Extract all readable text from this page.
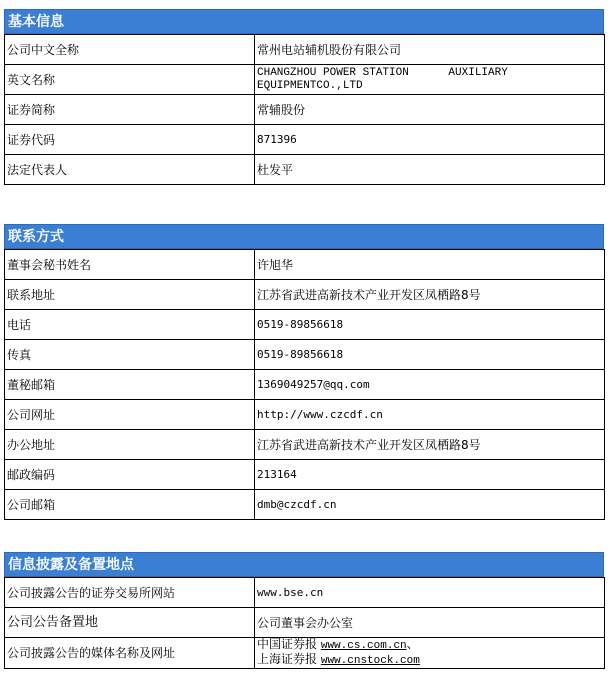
基本信息
公司中文全称	常州电站辅机股份有限公司
英文名称	CHANGZHOU POWER STATION      AUXILIARY
EQUIPMENTCO.,LTD

证券简称	常辅股份
证券代码	871396
法定代表人	杜发平
联系方式
董事会秘书姓名	许旭华
联系地址	江苏省武进高新技术产业开发区凤栖路8号
电话	0519-89856618
传真	0519-89856618
董秘邮箱	1369049257@qq.com
公司网址	http://www.czcdf.cn
办公地址	江苏省武进高新技术产业开发区凤栖路8号
邮政编码	213164
公司邮箱	dmb@czcdf.cn
信息披露及备置地点
公司披露公告的证券交易所网站	www.bse.cn
公司公告备置地	公司董事会办公室
公司披露公告的媒体名称及网址	中国证券报 www.cs.com.cn、
上海证券报 www.cnstock.com
